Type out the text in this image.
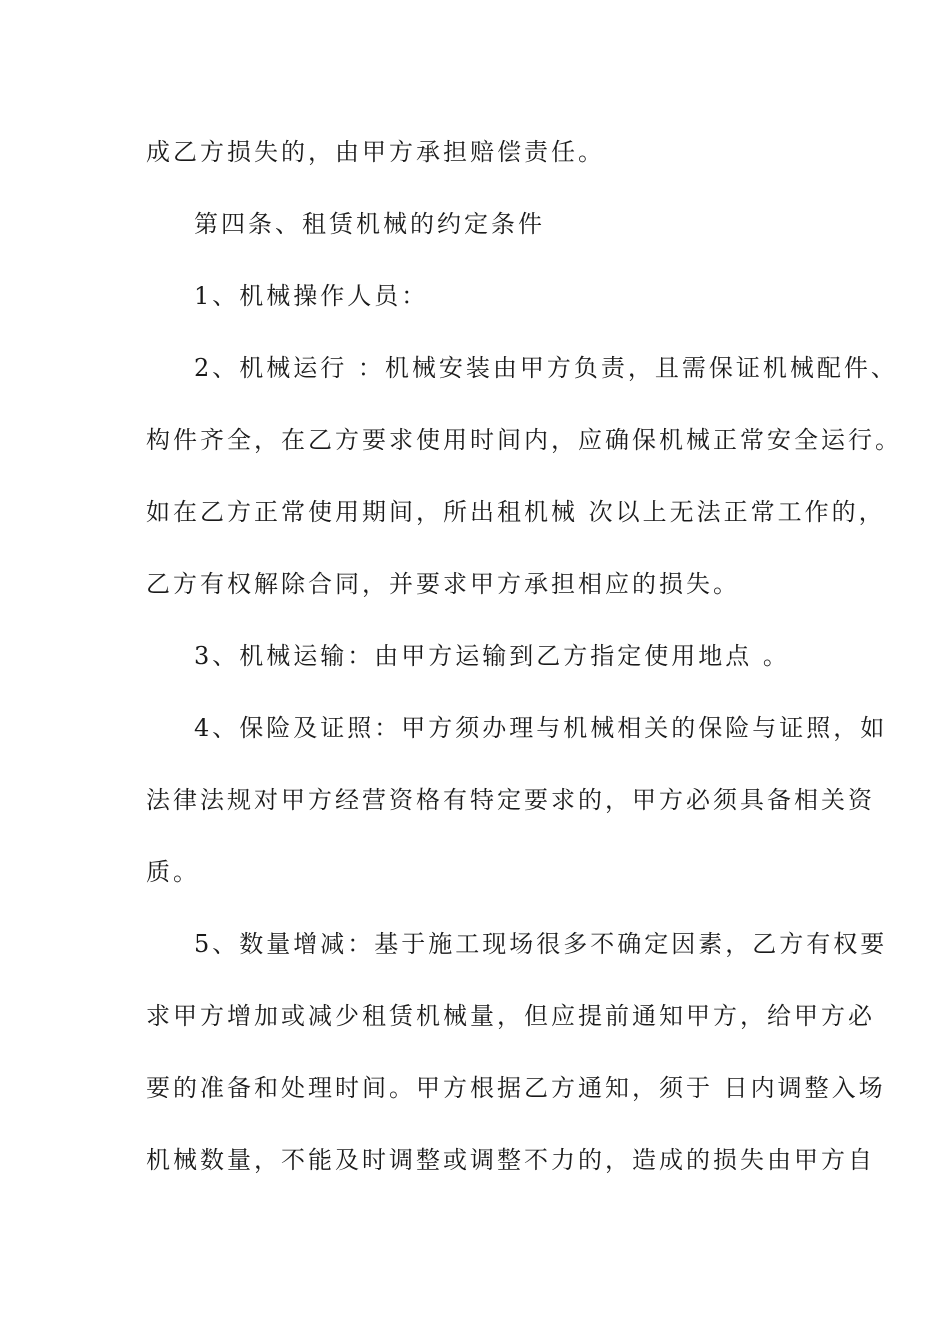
成乙方损失的，由甲方承担赔偿责任。
第四条、租赁机械的约定条件
1、机械操作人员：
2、机械运行 ：机械安装由甲方负责，且需保证机械配件、
构件齐全，在乙方要求使用时间内，应确保机械正常安全运行。
如在乙方正常使用期间，所出租机械 次以上无法正常工作的，
乙方有权解除合同，并要求甲方承担相应的损失。
3、机械运输：由甲方运输到乙方指定使用地点 。
4、保险及证照：甲方须办理与机械相关的保险与证照，如
法律法规对甲方经营资格有特定要求的，甲方必须具备相关资
质。
5、数量增减：基于施工现场很多不确定因素，乙方有权要
求甲方增加或减少租赁机械量，但应提前通知甲方，给甲方必
要的准备和处理时间。甲方根据乙方通知，须于 日内调整入场
机械数量，不能及时调整或调整不力的，造成的损失由甲方自
